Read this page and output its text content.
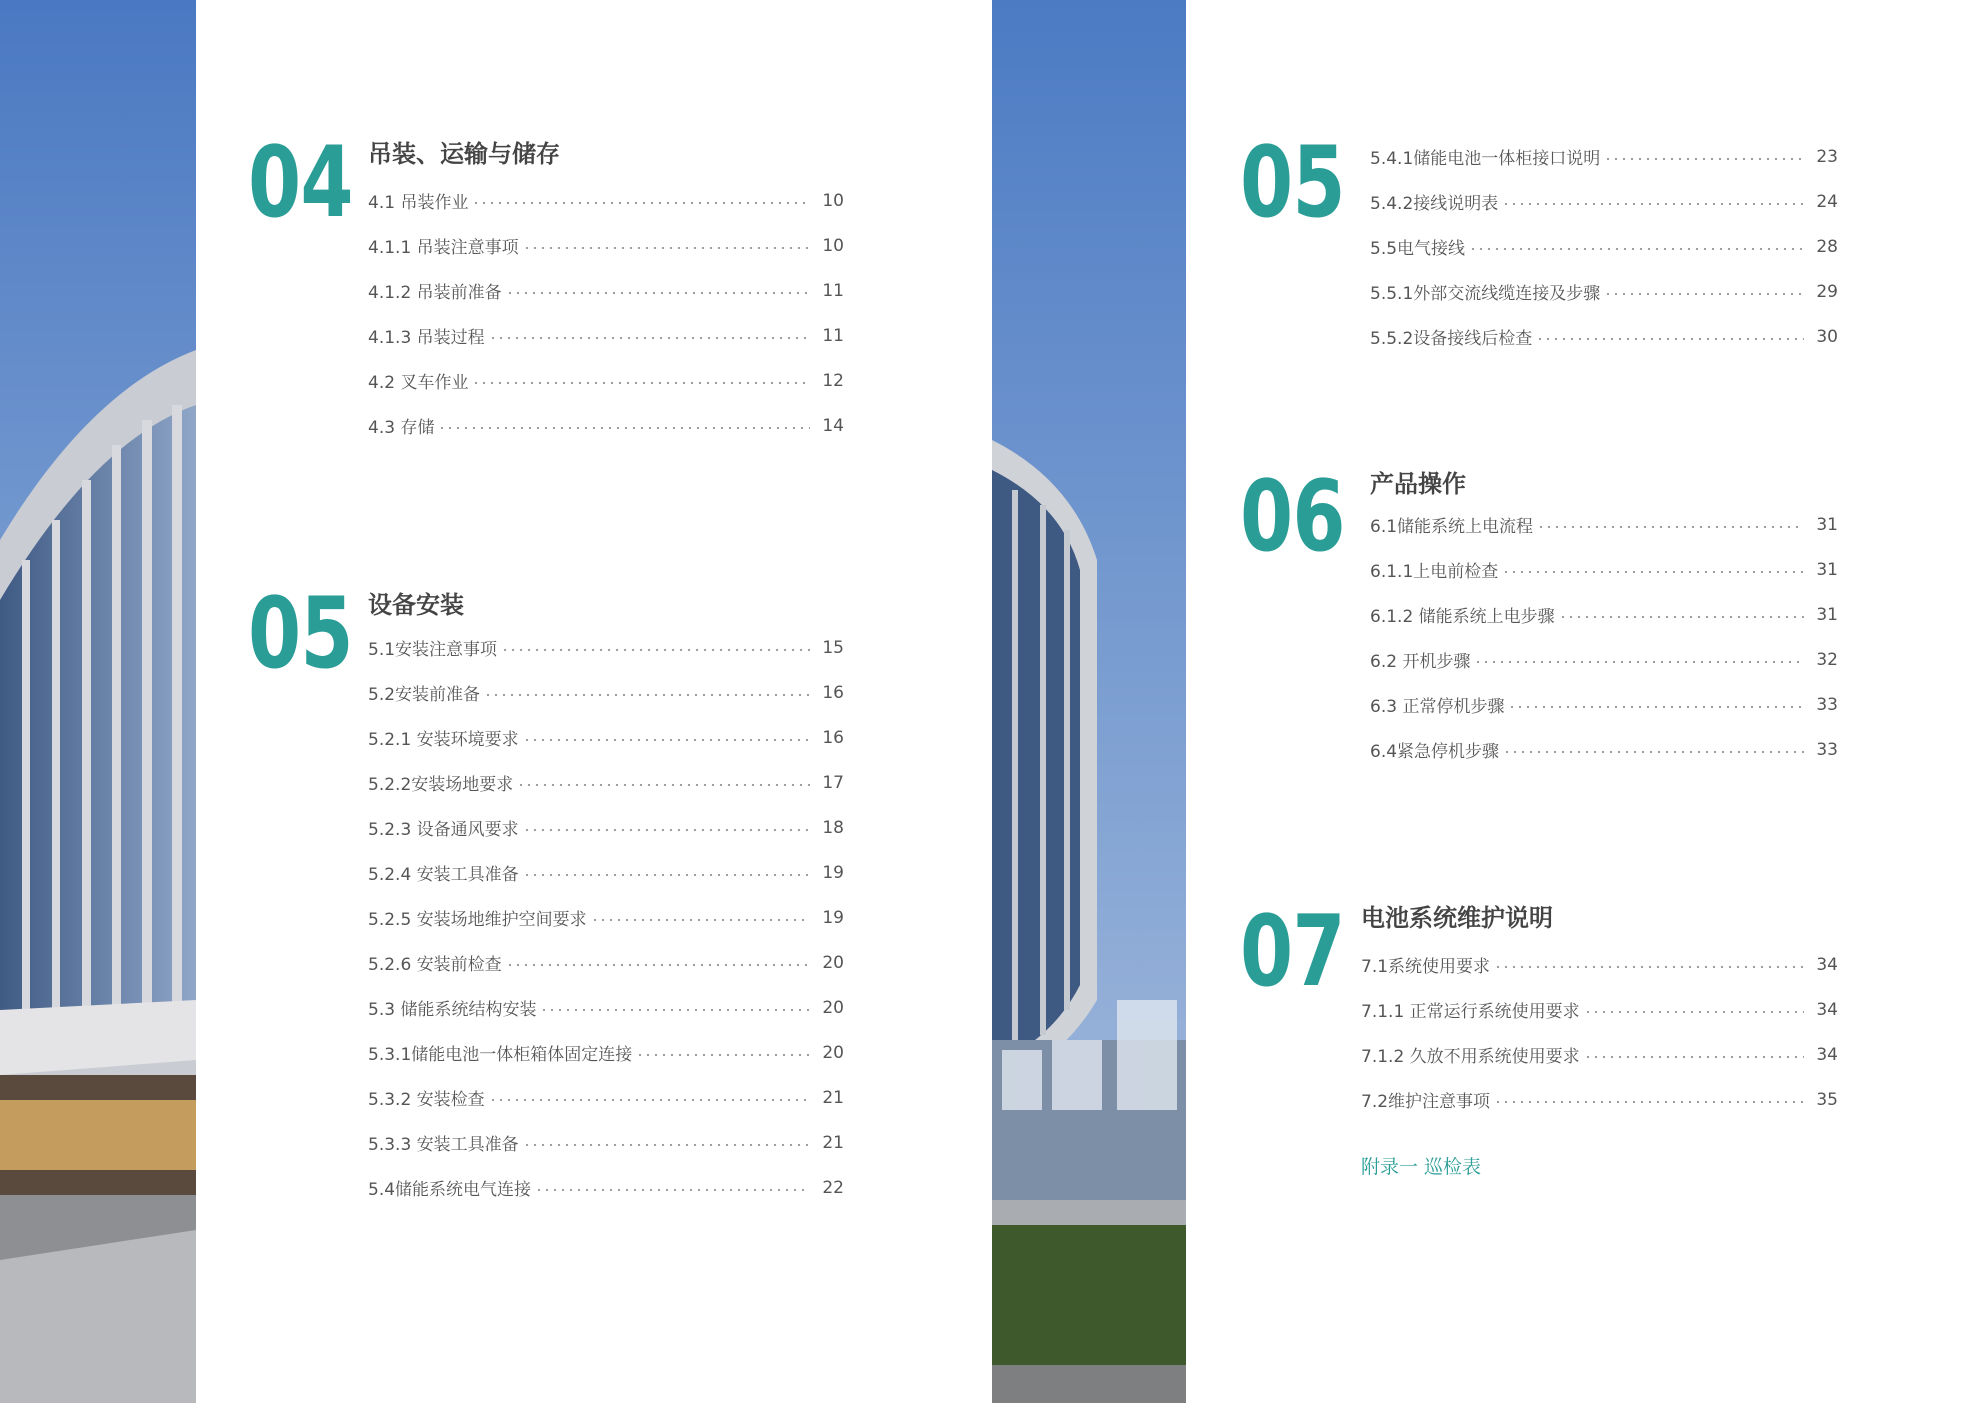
04 吊装、运输与储存
4.1 吊装作业	10
4.1.1 吊装注意事项	10
4.1.2 吊装前准备	11
4.1.3 吊装过程	11
4.2 叉车作业	12
4.3 存储	14
05 设备安装
5.1安装注意事项	15
5.2安装前准备	16
5.2.1 安装环境要求	16
5.2.2安装场地要求	17
5.2.3 设备通风要求	18
5.2.4 安装工具准备	19
5.2.5 安装场地维护空间要求	19
5.2.6 安装前检查	20
5.3 储能系统结构安装	20
5.3.1储能电池一体柜箱体固定连接	20
5.3.2 安装检查	21
5.3.3 安装工具准备	21
5.4储能系统电气连接	22
05 5.4.1储能电池一体柜接口说明	23
5.4.2接线说明表	24
5.5电气接线	28
5.5.1外部交流线缆连接及步骤	29
5.5.2设备接线后检查	30
06 产品操作
6.1储能系统上电流程	31
6.1.1上电前检查	31
6.1.2 储能系统上电步骤	31
6.2 开机步骤	32
6.3 正常停机步骤	33
6.4紧急停机步骤	33
07 电池系统维护说明
7.1系统使用要求	34
7.1.1 正常运行系统使用要求	34
7.1.2 久放不用系统使用要求	34
7.2维护注意事项	35
附录一 巡检表
